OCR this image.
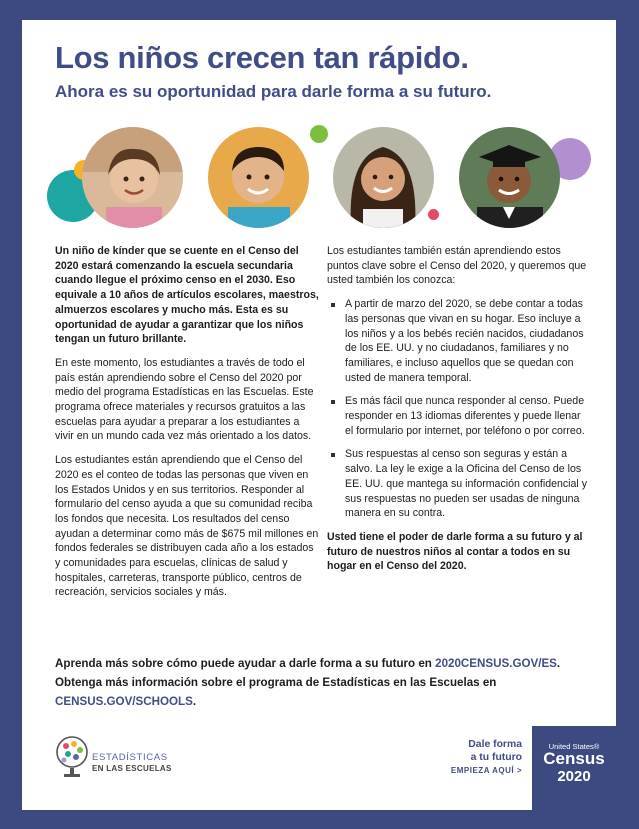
Los niños crecen tan rápido.
Ahora es su oportunidad para darle forma a su futuro.

Un niño de kínder que se cuente en el Censo del 2020 estará comenzando la escuela secundaria cuando llegue el próximo censo en el 2030. Eso equivale a 10 años de artículos escolares, maestros, almuerzos escolares y mucho más. Esta es su oportunidad de ayudar a garantizar que los niños tengan un futuro brillante.

En este momento, los estudiantes a través de todo el país están aprendiendo sobre el Censo del 2020 por medio del programa Estadísticas en las Escuelas. Este programa ofrece materiales y recursos gratuitos a las escuelas para ayudar a preparar a los estudiantes a vivir en un mundo cada vez más orientado a los datos.

Los estudiantes están aprendiendo que el Censo del 2020 es el conteo de todas las personas que viven en los Estados Unidos y en sus territorios. Responder al formulario del censo ayuda a que su comunidad reciba los fondos que necesita. Los resultados del censo ayudan a determinar como más de $675 mil millones en fondos federales se distribuyen cada año a los estados y comunidades para escuelas, clínicas de salud y hospitales, carreteras, transporte público, centros de recreación, servicios sociales y más.

Los estudiantes también están aprendiendo estos puntos clave sobre el Censo del 2020, y queremos que usted también los conozca:

A partir de marzo del 2020, se debe contar a todas las personas que vivan en su hogar. Eso incluye a los niños y a los bebés recién nacidos, ciudadanos de los EE. UU. y no ciudadanos, familiares y no familiares, e incluso aquellos que se quedan con usted de manera temporal.
Es más fácil que nunca responder al censo. Puede responder en 13 idiomas diferentes y puede llenar el formulario por internet, por teléfono o por correo.
Sus respuestas al censo son seguras y están a salvo. La ley le exige a la Oficina del Censo de los EE. UU. que mantega su información confidencial y sus respuestas no pueden ser usadas de ninguna manera en su contra.

Usted tiene el poder de darle forma a su futuro y al futuro de nuestros niños al contar a todos en su hogar en el Censo del 2020.

Aprenda más sobre cómo puede ayudar a darle forma a su futuro en 2020CENSUS.GOV/ES.
Obtenga más información sobre el programa de Estadísticas en las Escuelas en CENSUS.GOV/SCHOOLS.
ESTADÍSTICAS
EN LAS ESCUELAS
Dale forma
a tu futuro
EMPIEZA AQUÍ >
United States®
Census
2020
